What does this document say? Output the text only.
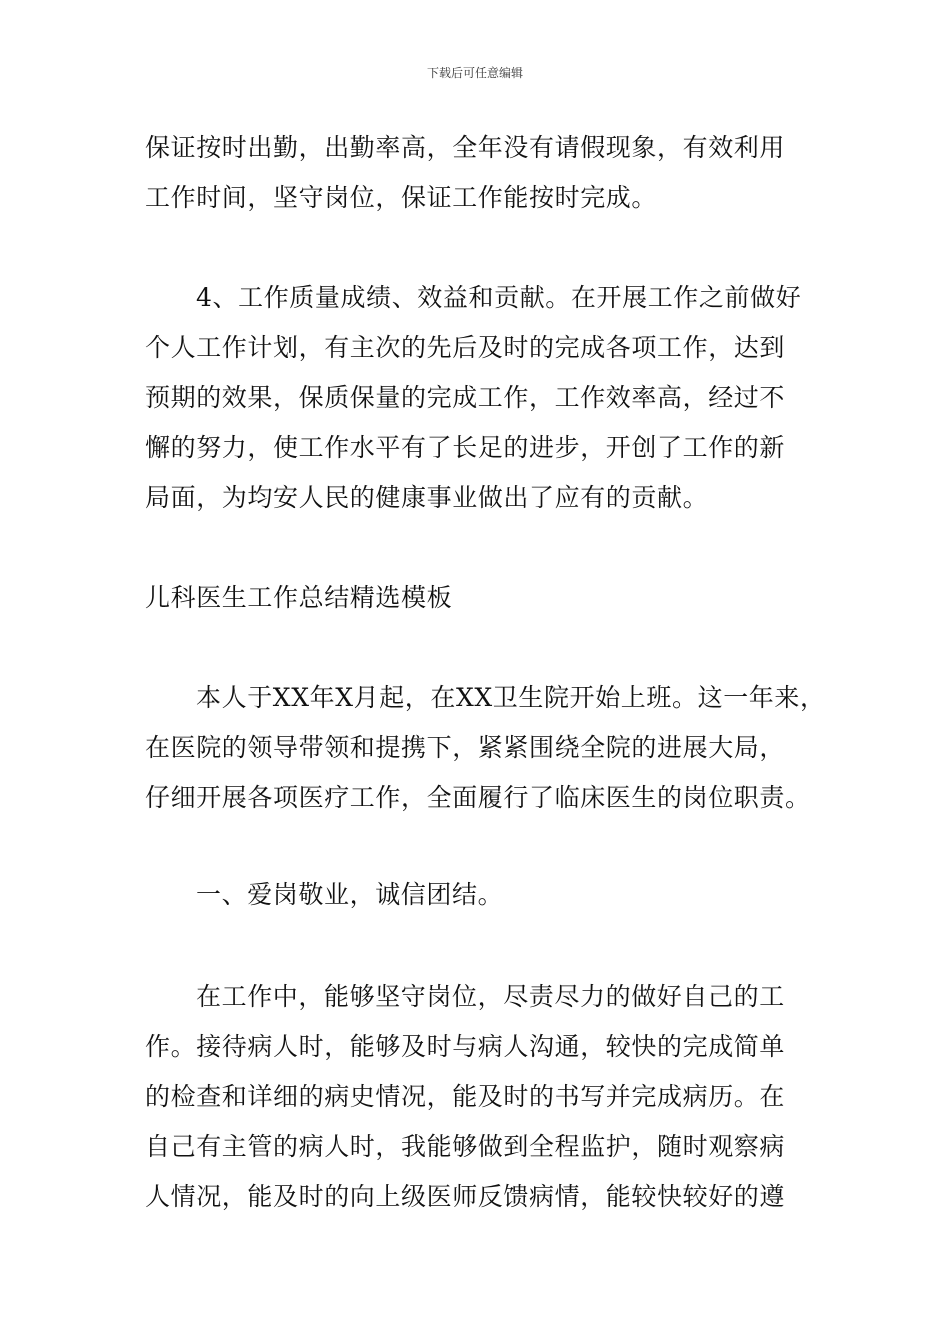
下载后可任意编辑
保证按时出勤，出勤率高，全年没有请假现象，有效利用
工作时间，坚守岗位，保证工作能按时完成。
4、工作质量成绩、效益和贡献。在开展工作之前做好
个人工作计划，有主次的先后及时的完成各项工作，达到
预期的效果，保质保量的完成工作，工作效率高，经过不
懈的努力，使工作水平有了长足的进步，开创了工作的新
局面，为均安人民的健康事业做出了应有的贡献。
儿科医生工作总结精选模板
本人于XX年X月起，在XX卫生院开始上班。这一年来，
在医院的领导带领和提携下，紧紧围绕全院的进展大局，
仔细开展各项医疗工作，全面履行了临床医生的岗位职责。
一、爱岗敬业，诚信团结。
在工作中，能够坚守岗位，尽责尽力的做好自己的工
作。接待病人时，能够及时与病人沟通，较快的完成简单
的检查和详细的病史情况，能及时的书写并完成病历。在
自己有主管的病人时，我能够做到全程监护，随时观察病
人情况，能及时的向上级医师反馈病情，能较快较好的遵
